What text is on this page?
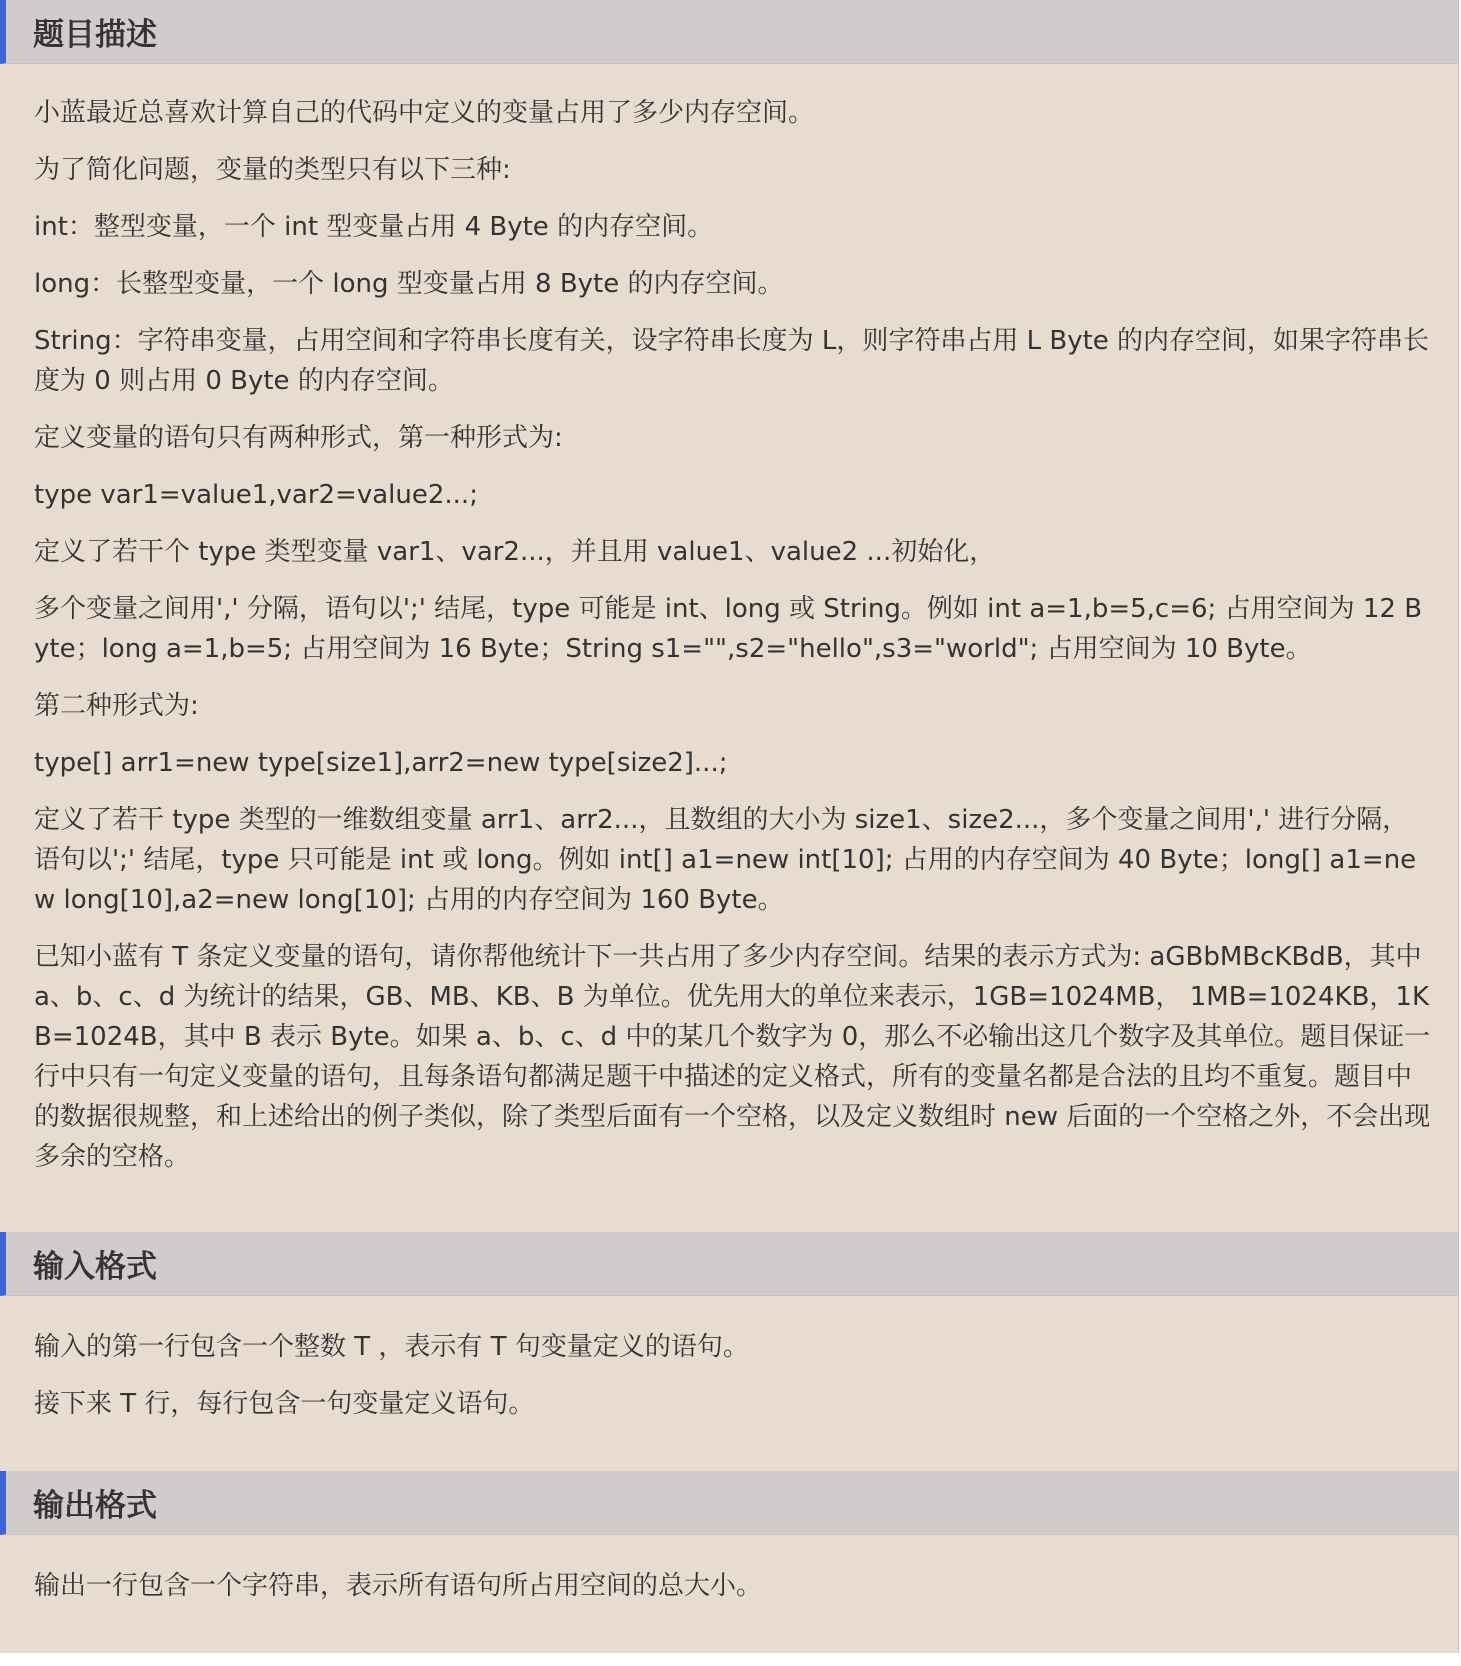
题目描述

小蓝最近总喜欢计算自己的代码中定义的变量占用了多少内存空间。

为了简化问题，变量的类型只有以下三种:

int：整型变量，一个 int 型变量占用 4 Byte 的内存空间。

long：长整型变量，一个 long 型变量占用 8 Byte 的内存空间。

String：字符串变量，占用空间和字符串长度有关，设字符串长度为 L，则字符串占用 L Byte 的内存空间，如果字符串长度为 0 则占用 0 Byte 的内存空间。

定义变量的语句只有两种形式，第一种形式为:

type var1=value1,var2=value2...;

定义了若干个 type 类型变量 var1、var2...，并且用 value1、value2 ...初始化，

多个变量之间用',' 分隔，语句以';' 结尾，type 可能是 int、long 或 String。例如 int a=1,b=5,c=6; 占用空间为 12 Byte；long a=1,b=5; 占用空间为 16 Byte；String s1="",s2="hello",s3="world"; 占用空间为 10 Byte。

第二种形式为:

type[] arr1=new type[size1],arr2=new type[size2]...;

定义了若干 type 类型的一维数组变量 arr1、arr2...，且数组的大小为 size1、size2...，多个变量之间用',' 进行分隔，语句以';' 结尾，type 只可能是 int 或 long。例如 int[] a1=new int[10]; 占用的内存空间为 40 Byte；long[] a1=new long[10],a2=new long[10]; 占用的内存空间为 160 Byte。

已知小蓝有 T 条定义变量的语句，请你帮他统计下一共占用了多少内存空间。结果的表示方式为: aGBbMBcKBdB，其中 a、b、c、d 为统计的结果，GB、MB、KB、B 为单位。优先用大的单位来表示，1GB=1024MB， 1MB=1024KB，1KB=1024B，其中 B 表示 Byte。如果 a、b、c、d 中的某几个数字为 0，那么不必输出这几个数字及其单位。题目保证一行中只有一句定义变量的语句，且每条语句都满足题干中描述的定义格式，所有的变量名都是合法的且均不重复。题目中的数据很规整，和上述给出的例子类似，除了类型后面有一个空格，以及定义数组时 new 后面的一个空格之外，不会出现多余的空格。

输入格式

输入的第一行包含一个整数 T ，表示有 T 句变量定义的语句。

接下来 T 行，每行包含一句变量定义语句。

输出格式

输出一行包含一个字符串，表示所有语句所占用空间的总大小。
